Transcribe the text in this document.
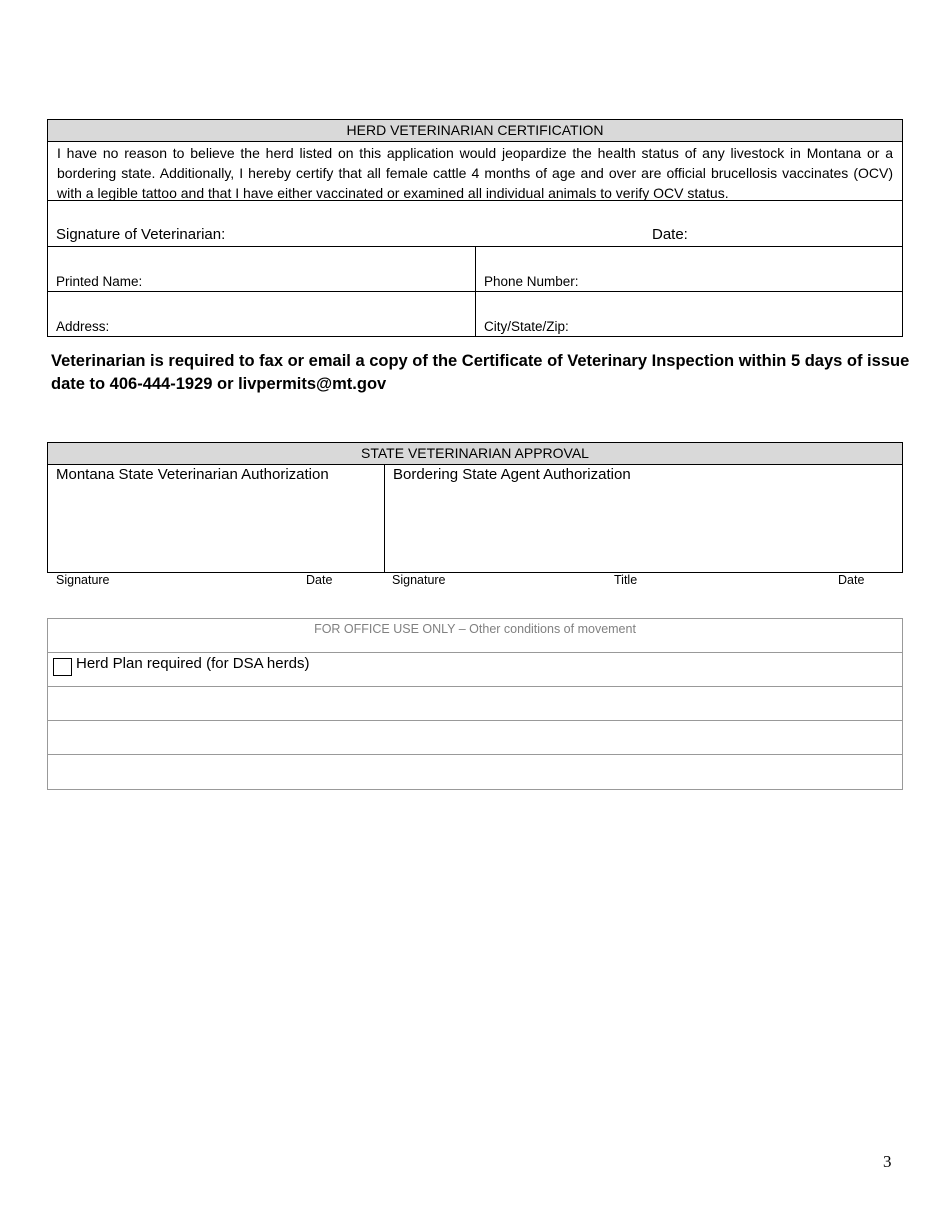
HERD VETERINARIAN CERTIFICATION
I have no reason to believe the herd listed on this application would jeopardize the health status of any livestock in Montana or a bordering state. Additionally, I hereby certify that all female cattle 4 months of age and over are official brucellosis vaccinates (OCV) with a legible tattoo and that I have either vaccinated or examined all individual animals to verify OCV status.
Signature of Veterinarian:	Date:
Printed Name:	Phone Number:
Address:	City/State/Zip:
Veterinarian is required to fax or email a copy of the Certificate of Veterinary Inspection within 5 days of issue date to 406-444-1929 or livpermits@mt.gov
STATE VETERINARIAN APPROVAL
Montana State Veterinarian Authorization	Bordering State Agent Authorization
Signature	Date	Signature	Title	Date
FOR OFFICE USE ONLY – Other conditions of movement
Herd Plan required (for DSA herds)
3
